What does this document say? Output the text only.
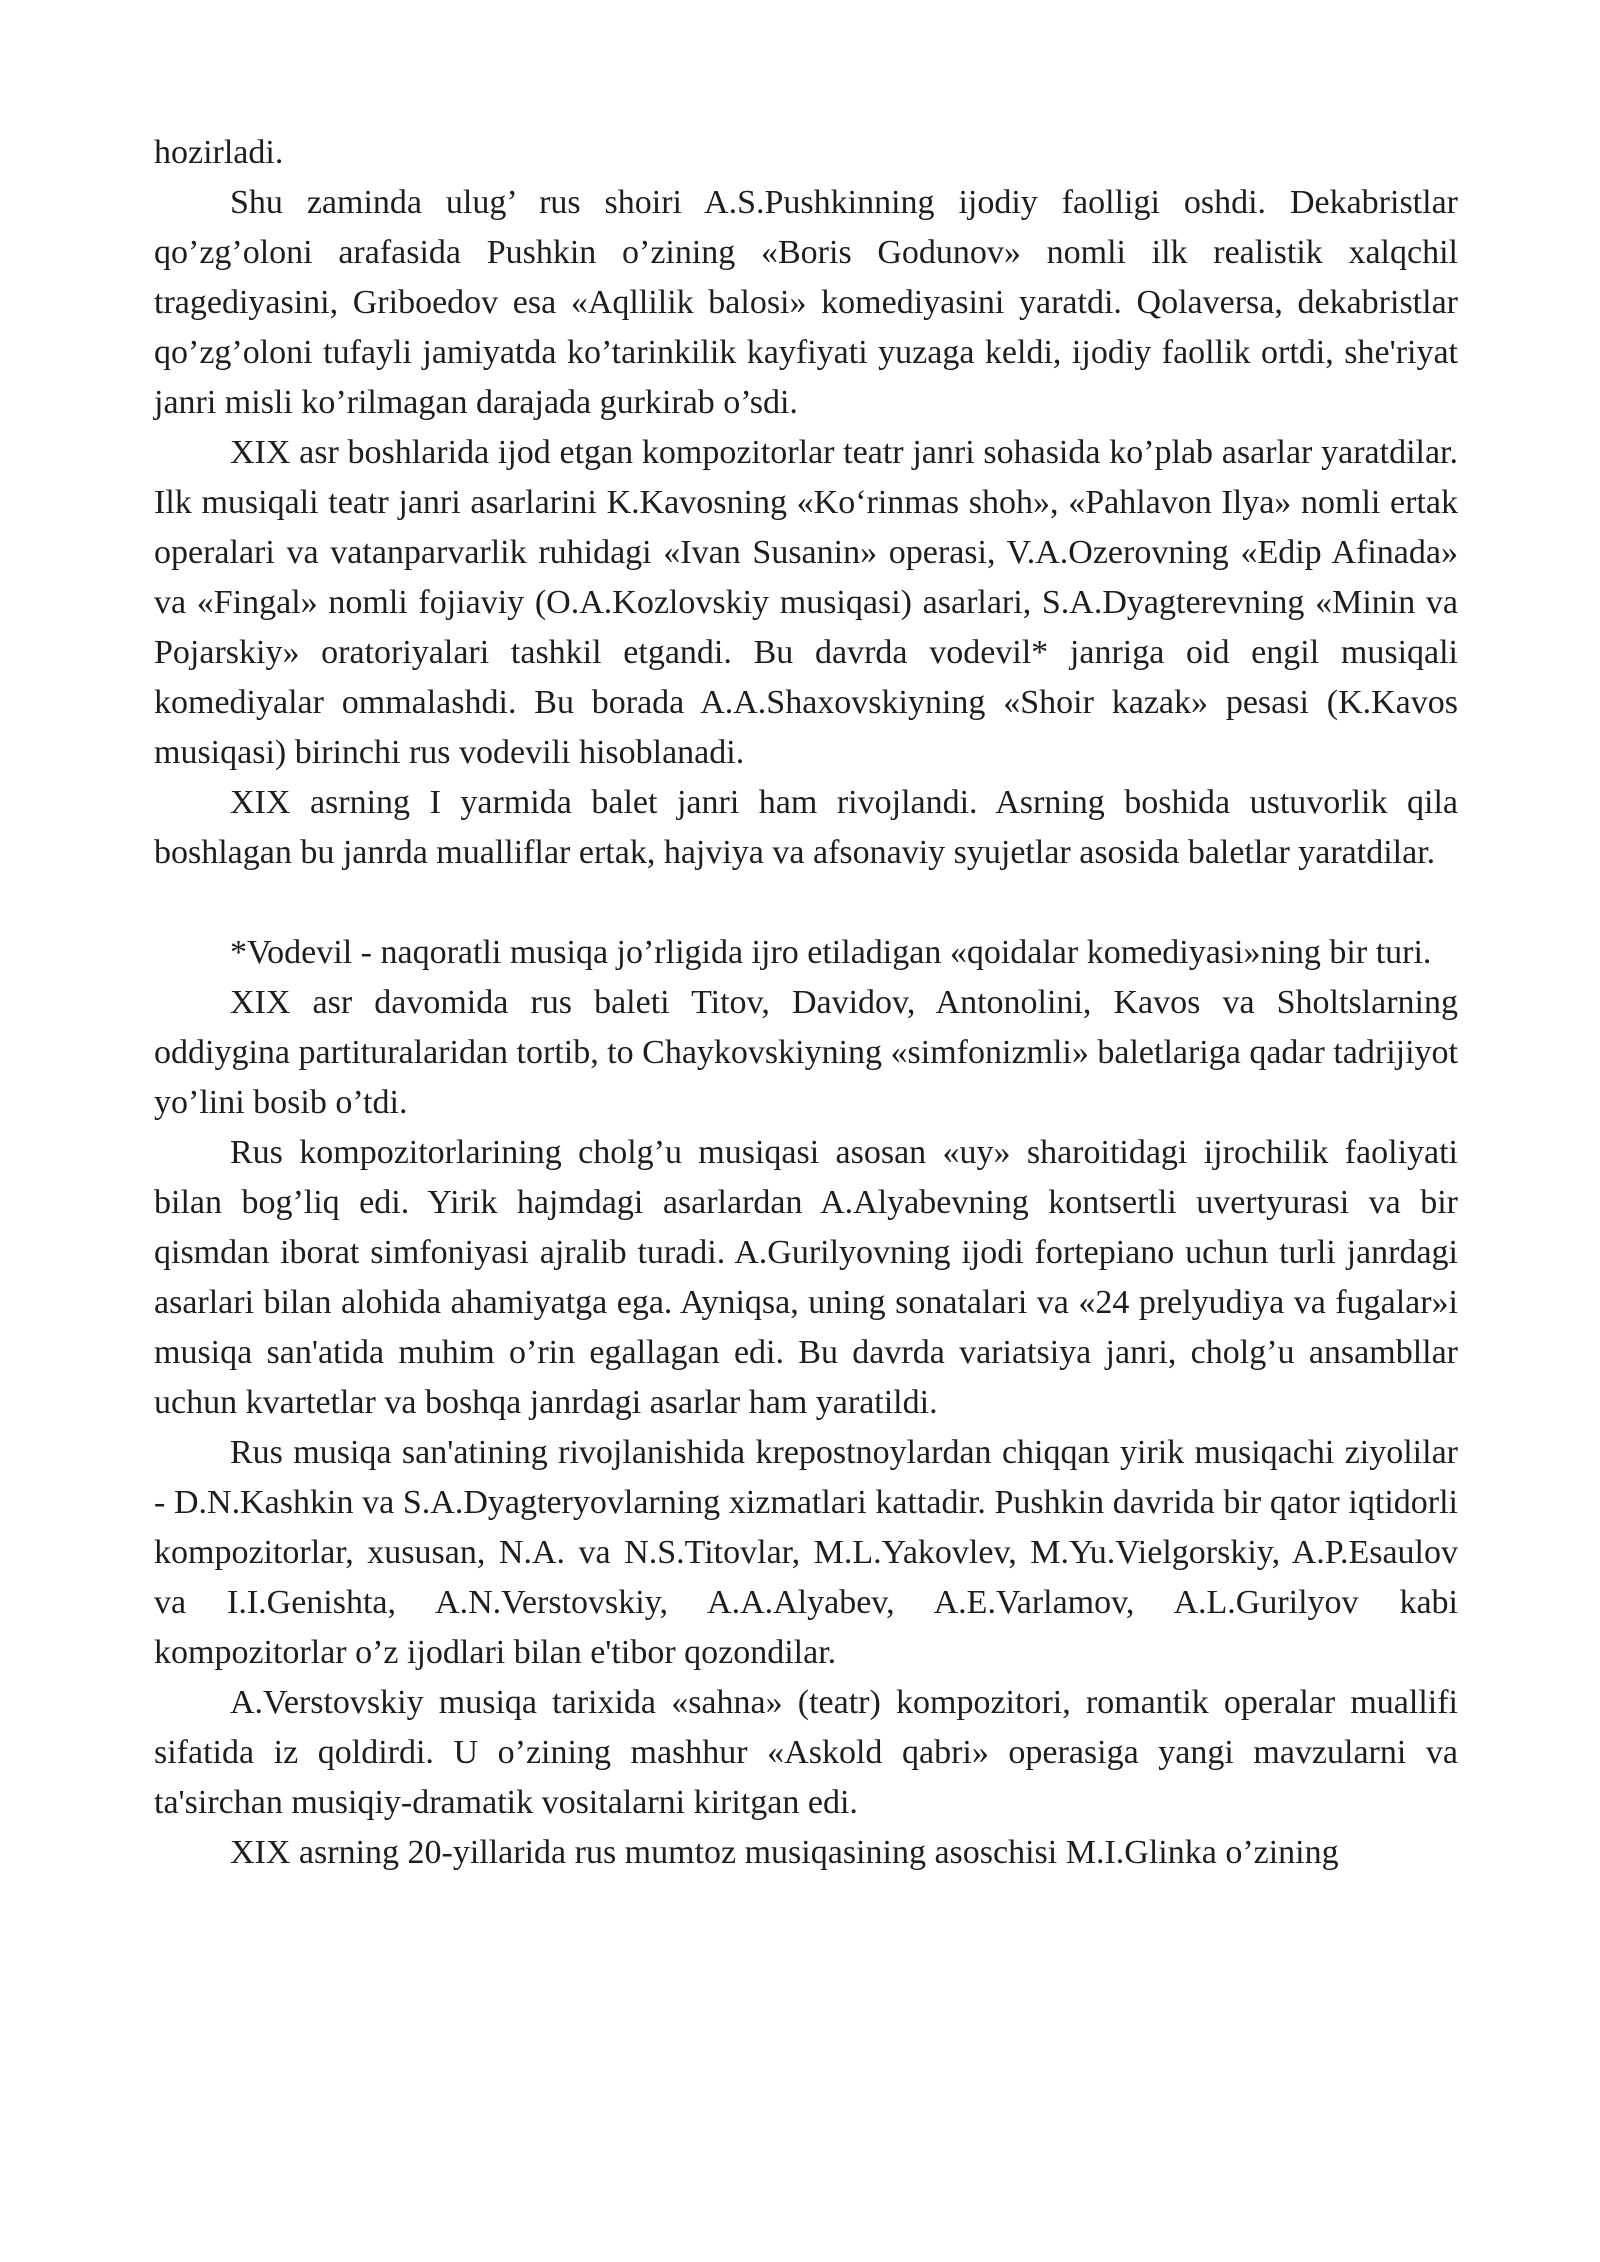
hozirladi.

Shu zaminda ulug’ rus shoiri A.S.Pushkinning ijodiy faolligi oshdi. Dekabristlar qo’zg’oloni arafasida Pushkin o’zining «Boris Godunov» nomli ilk realistik xalqchil tragediyasini, Griboedov esa «Aqllilik balosi» komediyasini yaratdi. Qolaversa, dekabristlar qo’zg’oloni tufayli jamiyatda ko’tarinkilik kayfiyati yuzaga keldi, ijodiy faollik ortdi, she'riyat janri misli ko’rilmagan darajada gurkirab o’sdi.

XIX asr boshlarida ijod etgan kompozitorlar teatr janri sohasida ko’plab asarlar yaratdilar. Ilk musiqali teatr janri asarlarini K.Kavosning «Ko‘rinmas shoh», «Pahlavon Ilya» nomli ertak operalari va vatanparvarlik ruhidagi «Ivan Susanin» operasi, V.A.Ozerovning «Edip Afinada» va «Fingal» nomli fojiaviy (O.A.Kozlovskiy musiqasi) asarlari, S.A.Dyagterevning «Minin va Pojarskiy» oratoriyalari tashkil etgandi. Bu davrda vodevil* janriga oid engil musiqali komediyalar ommalashdi. Bu borada A.A.Shaxovskiyning «Shoir kazak» pesasi (K.Kavos musiqasi) birinchi rus vodevili hisoblanadi.

XIX asrning I yarmida balet janri ham rivojlandi. Asrning boshida ustuvorlik qila boshlagan bu janrda mualliflar ertak, hajviya va afsonaviy syujetlar asosida baletlar yaratdilar.

*Vodevil - naqoratli musiqa jo’rligida ijro etiladigan «qoidalar komediyasi»ning bir turi.

XIX asr davomida rus baleti Titov, Davidov, Antonolini, Kavos va Sholtslarning oddiygina partituralaridan tortib, to Chaykovskiyning «simfonizmli» baletlariga qadar tadrijiyot yo’lini bosib o’tdi.

Rus kompozitorlarining cholg’u musiqasi asosan «uy» sharoitidagi ijrochilik faoliyati bilan bog’liq edi. Yirik hajmdagi asarlardan A.Alyabevning kontsertli uvertyurasi va bir qismdan iborat simfoniyasi ajralib turadi. A.Gurilyovning ijodi fortepiano uchun turli janrdagi asarlari bilan alohida ahamiyatga ega. Ayniqsa, uning sonatalari va «24 prelyudiya va fugalar»i musiqa san'atida muhim o’rin egallagan edi. Bu davrda variatsiya janri, cholg’u ansambllar uchun kvartetlar va boshqa janrdagi asarlar ham yaratildi.

Rus musiqa san'atining rivojlanishida krepostnoylardan chiqqan yirik musiqachi ziyolilar - D.N.Kashkin va S.A.Dyagteryovlarning xizmatlari kattadir. Pushkin davrida bir qator iqtidorli kompozitorlar, xususan, N.A. va N.S.Titovlar, M.L.Yakovlev, M.Yu.Vielgorskiy, A.P.Esaulov va I.I.Genishta, A.N.Verstovskiy, A.A.Alyabev, A.E.Varlamov, A.L.Gurilyov kabi kompozitorlar o’z ijodlari bilan e'tibor qozondilar.

A.Verstovskiy musiqa tarixida «sahna» (teatr) kompozitori, romantik operalar muallifi sifatida iz qoldirdi. U o’zining mashhur «Askold qabri» operasiga yangi mavzularni va ta'sirchan musiqiy-dramatik vositalarni kiritgan edi.

XIX asrning 20-yillarida rus mumtoz musiqasining asoschisi M.I.Glinka o’zining
